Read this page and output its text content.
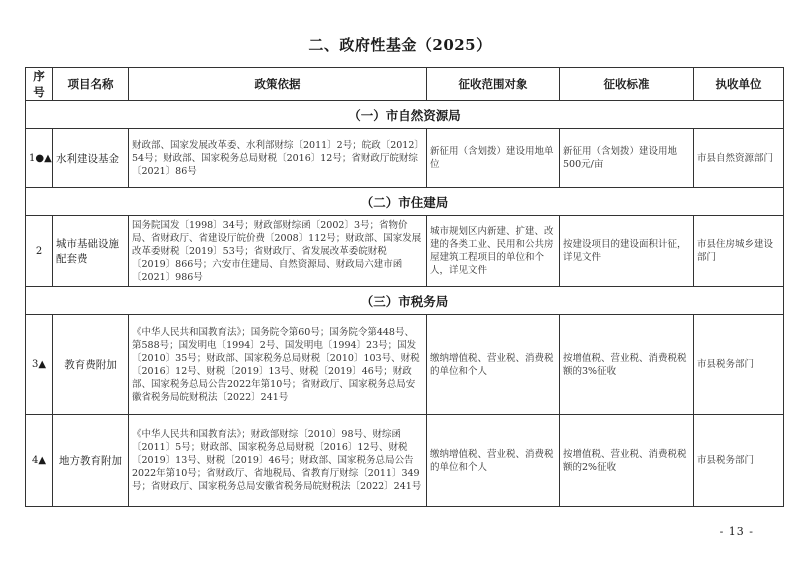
二、政府性基金（2025）
序号	项目名称	政策依据	征收范围对象	征收标准	执收单位
（一）市自然资源局					
1●▲	水利建设基金	财政部、国家发展改革委、水利部财综〔2011〕2号；皖政〔2012〕54号；财政部、国家税务总局财税〔2016〕12号；省财政厅皖财综〔2021〕86号	新征用（含划拨）建设用地单位	新征用（含划拨）建设用地500元/亩	市县自然资源部门
（二）市住建局					
2	城市基础设施配套费	国务院国发〔1998〕34号；财政部财综函〔2002〕3号；省物价局、省财政厅、省建设厅皖价费〔2008〕112号；财政部、国家发展改革委财税〔2019〕53号；省财政厅、省发展改革委皖财税〔2019〕866号；六安市住建局、自然资源局、财政局六建市函〔2021〕986号	城市规划区内新建、扩建、改建的各类工业、民用和公共房屋建筑工程项目的单位和个人，详见文件	按建设项目的建设面积计征，详见文件	市县住房城乡建设部门
（三）市税务局					
3▲	教育费附加	《中华人民共和国教育法》；国务院令第60号；国务院令第448号、第588号；国发明电〔1994〕2号、国发明电〔1994〕23号；国发〔2010〕35号；财政部、国家税务总局财税〔2010〕103号、财税〔2016〕12号、财税〔2019〕13号、财税〔2019〕46号；财政部、国家税务总局公告2022年第10号；省财政厅、国家税务总局安徽省税务局皖财税法〔2022〕241号	缴纳增值税、营业税、消费税的单位和个人	按增值税、营业税、消费税税额的3%征收	市县税务部门
4▲	地方教育附加	《中华人民共和国教育法》；财政部财综〔2010〕98号、财综函〔2011〕5号；财政部、国家税务总局财税〔2016〕12号、财税〔2019〕13号、财税〔2019〕46号；财政部、国家税务总局公告2022年第10号；省财政厅、省地税局、省教育厅财综〔2011〕349号；省财政厅、国家税务总局安徽省税务局皖财税法〔2022〕241号	缴纳增值税、营业税、消费税的单位和个人	按增值税、营业税、消费税税额的2%征收	市县税务部门
- 13 -
